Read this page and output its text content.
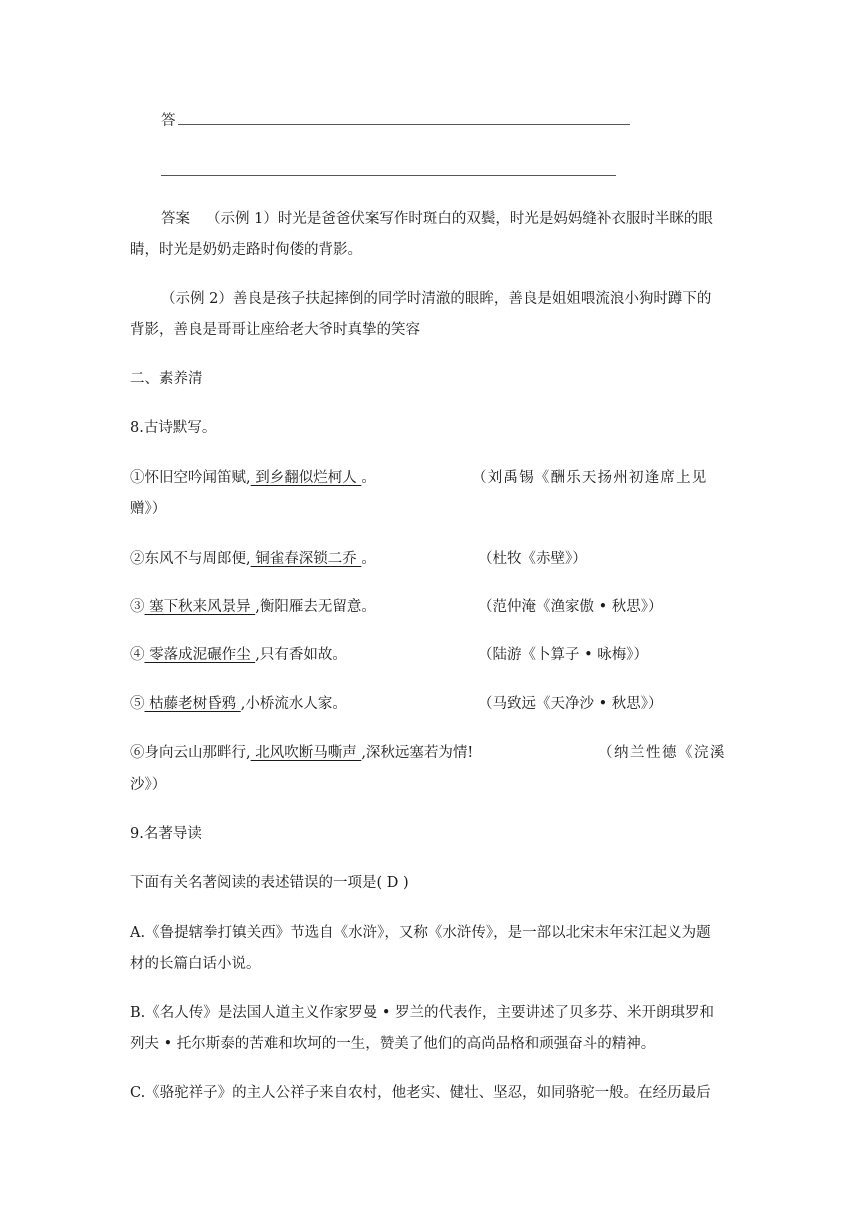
答
答案 （示例 1）时光是爸爸伏案写作时斑白的双鬓，时光是妈妈缝补衣服时半眯的眼
睛，时光是奶奶走路时佝偻的背影。
（示例 2）善良是孩子扶起摔倒的同学时清澈的眼眸，善良是姐姐喂流浪小狗时蹲下的
背影，善良是哥哥让座给老大爷时真挚的笑容
二、素养清
8.古诗默写。
①怀旧空吟闻笛赋, 到乡翻似烂柯人 。	（刘禹锡《酬乐天扬州初逢席上见
赠》）
②东风不与周郎便, 铜雀春深锁二乔 。	（杜牧《赤壁》）
③ 塞下秋来风景异 ,衡阳雁去无留意。	（范仲淹《渔家傲 • 秋思》）
④ 零落成泥碾作尘 ,只有香如故。	（陆游《卜算子 • 咏梅》）
⑤ 枯藤老树昏鸦 ,小桥流水人家。	（马致远《天净沙 • 秋思》）
⑥身向云山那畔行, 北风吹断马嘶声 ,深秋远塞若为情!	（纳兰性德《浣溪
沙》）
9.名著导读
下面有关名著阅读的表述错误的一项是( D )
A.《鲁提辖拳打镇关西》节选自《水浒》，又称《水浒传》，是一部以北宋末年宋江起义为题
材的长篇白话小说。
B.《名人传》是法国人道主义作家罗曼 • 罗兰的代表作，主要讲述了贝多芬、米开朗琪罗和
列夫 • 托尔斯泰的苦难和坎坷的一生，赞美了他们的高尚品格和顽强奋斗的精神。
C.《骆驼祥子》的主人公祥子来自农村，他老实、健壮、坚忍，如同骆驼一般。在经历最后
